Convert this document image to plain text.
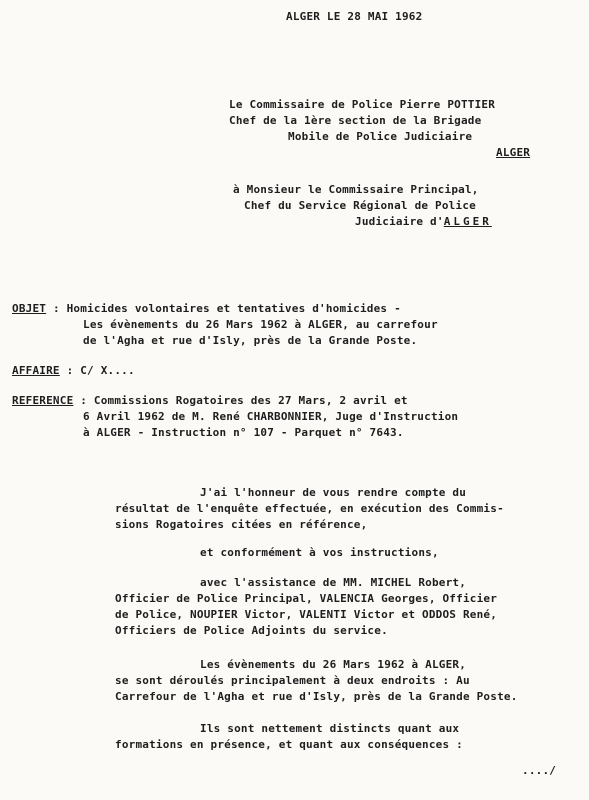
ALGER LE 28 MAI 1962
Le Commissaire de Police Pierre POTTIER
Chef de la 1ère section de la Brigade
Mobile de Police Judiciaire
ALGER
à Monsieur le Commissaire Principal,
Chef du Service Régional de Police
Judiciaire d'ALGER
OBJET : Homicides volontaires et tentatives d'homicides -
Les évènements du 26 Mars 1962 à ALGER, au carrefour
de l'Agha et rue d'Isly, près de la Grande Poste.
AFFAIRE : C/ X....
REFERENCE : Commissions Rogatoires des 27 Mars, 2 avril et
6 Avril 1962 de M. René CHARBONNIER, Juge d'Instruction
à ALGER - Instruction n° 107 - Parquet n° 7643.
J'ai l'honneur de vous rendre compte du
résultat de l'enquête effectuée, en exécution des Commis-
sions Rogatoires citées en référence,
et conformément à vos instructions,
avec l'assistance de MM. MICHEL Robert,
Officier de Police Principal, VALENCIA Georges, Officier
de Police, NOUPIER Victor, VALENTI Victor et ODDOS René,
Officiers de Police Adjoints du service.
Les évènements du 26 Mars 1962 à ALGER,
se sont déroulés principalement à deux endroits : Au
Carrefour de l'Agha et rue d'Isly, près de la Grande Poste.
Ils sont nettement distincts quant aux
formations en présence, et quant aux conséquences :
..../
